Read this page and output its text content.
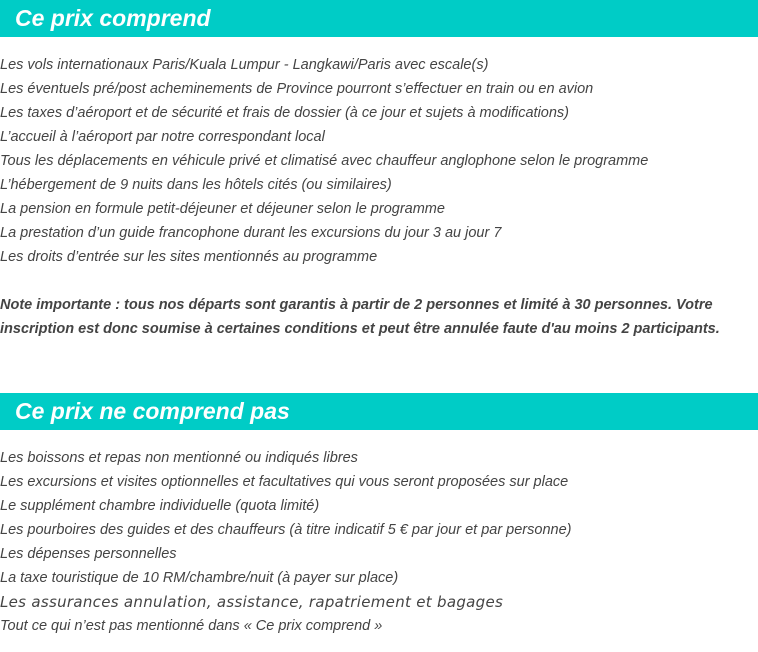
Ce prix comprend
Les vols internationaux Paris/Kuala Lumpur - Langkawi/Paris avec escale(s)
Les éventuels pré/post acheminements de Province pourront s’effectuer en train ou en avion
Les taxes d’aéroport et de sécurité et frais de dossier (à ce jour et sujets à modifications)
L’accueil à l’aéroport par notre correspondant local
Tous les déplacements en véhicule privé et climatisé avec chauffeur anglophone selon le programme
L’hébergement de 9 nuits dans les hôtels cités (ou similaires)
La pension en formule petit-déjeuner et déjeuner selon le programme
La prestation d’un guide francophone durant les excursions du jour 3 au jour 7
Les droits d’entrée sur les sites mentionnés au programme
Note importante : tous nos départs sont garantis à partir de 2 personnes et limité à 30 personnes. Votre inscription est donc soumise à certaines conditions et peut être annulée faute d'au moins 2 participants.
Ce prix ne comprend pas
Les boissons et repas non mentionné ou indiqués libres
Les excursions et visites optionnelles et facultatives qui vous seront proposées sur place
Le supplément chambre individuelle (quota limité)
Les pourboires des guides et des chauffeurs (à titre indicatif 5 € par jour et par personne)
Les dépenses personnelles
La taxe touristique de 10 RM/chambre/nuit (à payer sur place)
Les assurances annulation, assistance, rapatriement et bagages
Tout ce qui n’est pas mentionné dans « Ce prix comprend »
